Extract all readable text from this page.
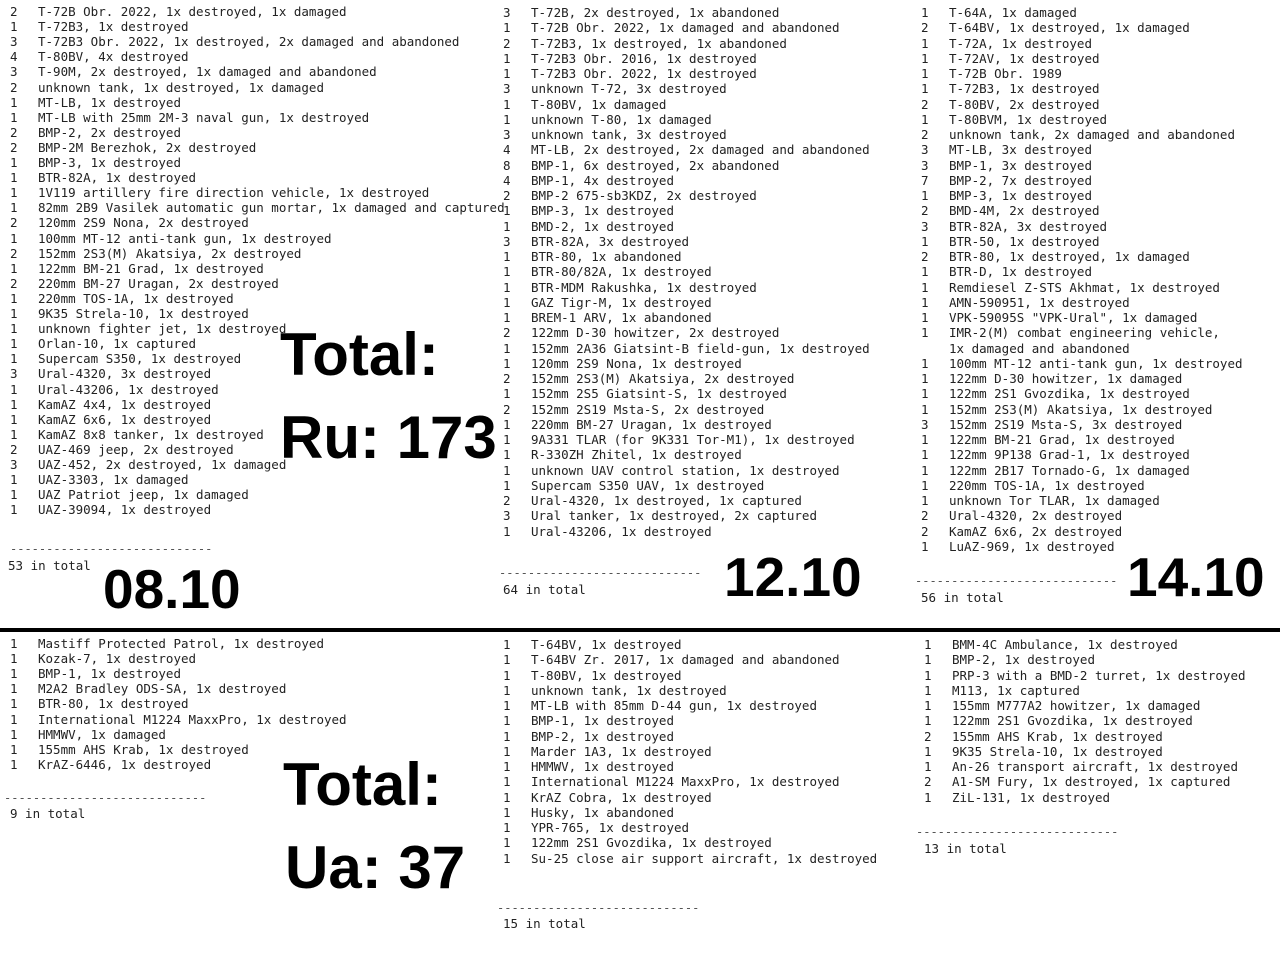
----------------------------
53 in total
2 T-72B Obr. 2022, 1x destroyed, 1x damaged
1 T-72B3, 1x destroyed
3 T-72B3 Obr. 2022, 1x destroyed, 2x damaged and abandoned
4 T-80BV, 4x destroyed
3 T-90M, 2x destroyed, 1x damaged and abandoned
2 unknown tank, 1x destroyed, 1x damaged
1 MT-LB, 1x destroyed
1 MT-LB with 25mm 2M-3 naval gun, 1x destroyed
2 BMP-2, 2x destroyed
2 BMP-2M Berezhok, 2x destroyed
1 BMP-3, 1x destroyed
1 BTR-82A, 1x destroyed
1 1V119 artillery fire direction vehicle, 1x destroyed
1 82mm 2B9 Vasilek automatic gun mortar, 1x damaged and captured
2 120mm 2S9 Nona, 2x destroyed
1 100mm MT-12 anti-tank gun, 1x destroyed
2 152mm 2S3(M) Akatsiya, 2x destroyed
1 122mm BM-21 Grad, 1x destroyed
2 220mm BM-27 Uragan, 2x destroyed
1 220mm TOS-1A, 1x destroyed
1 9K35 Strela-10, 1x destroyed
1 unknown fighter jet, 1x destroyed
1 Orlan-10, 1x captured
1 Supercam S350, 1x destroyed
3 Ural-4320, 3x destroyed
1 Ural-43206, 1x destroyed
1 KamAZ 4x4, 1x destroyed
1 KamAZ 6x6, 1x destroyed
1 KamAZ 8x8 tanker, 1x destroyed
2 UAZ-469 jeep, 2x destroyed
3 UAZ-452, 2x destroyed, 1x damaged
1 UAZ-3303, 1x damaged
1 UAZ Patriot jeep, 1x damaged
1 UAZ-39094, 1x destroyed
08.10	----------------------------
64 in total
3 T-72B, 2x destroyed, 1x abandoned
1 T-72B Obr. 2022, 1x damaged and abandoned
2 T-72B3, 1x destroyed, 1x abandoned
1 T-72B3 Obr. 2016, 1x destroyed
1 T-72B3 Obr. 2022, 1x destroyed
3 unknown T-72, 3x destroyed
1 T-80BV, 1x damaged
1 unknown T-80, 1x damaged
3 unknown tank, 3x destroyed
4 MT-LB, 2x destroyed, 2x damaged and abandoned
8 BMP-1, 6x destroyed, 2x abandoned
4 BMP-1, 4x destroyed
2 BMP-2 675-sb3KDZ, 2x destroyed
1 BMP-3, 1x destroyed
1 BMD-2, 1x destroyed
3 BTR-82A, 3x destroyed
1 BTR-80, 1x abandoned
1 BTR-80/82A, 1x destroyed
1 BTR-MDM Rakushka, 1x destroyed
1 GAZ Tigr-M, 1x destroyed
1 BREM-1 ARV, 1x abandoned
2 122mm D-30 howitzer, 2x destroyed
1 152mm 2A36 Giatsint-B field-gun, 1x destroyed
1 120mm 2S9 Nona, 1x destroyed
2 152mm 2S3(M) Akatsiya, 2x destroyed
1 152mm 2S5 Giatsint-S, 1x destroyed
2 152mm 2S19 Msta-S, 2x destroyed
1 220mm BM-27 Uragan, 1x destroyed
1 9A331 TLAR (for 9K331 Tor-M1), 1x destroyed
1 R-330ZH Zhitel, 1x destroyed
1 unknown UAV control station, 1x destroyed
1 Supercam S350 UAV, 1x destroyed
2 Ural-4320, 1x destroyed, 1x captured
3 Ural tanker, 1x destroyed, 2x captured
1 Ural-43206, 1x destroyed
12.10	----------------------------
56 in total
1 T-64A, 1x damaged
2 T-64BV, 1x destroyed, 1x damaged
1 T-72A, 1x destroyed
1 T-72AV, 1x destroyed
1 T-72B Obr. 1989
1 T-72B3, 1x destroyed
2 T-80BV, 2x destroyed
1 T-80BVM, 1x destroyed
2 unknown tank, 2x damaged and abandoned
3 MT-LB, 3x destroyed
3 BMP-1, 3x destroyed
7 BMP-2, 7x destroyed
1 BMP-3, 1x destroyed
2 BMD-4M, 2x destroyed
3 BTR-82A, 3x destroyed
1 BTR-50, 1x destroyed
2 BTR-80, 1x destroyed, 1x damaged
1 BTR-D, 1x destroyed
1 Remdiesel Z-STS Akhmat, 1x destroyed
1 AMN-590951, 1x destroyed
1 VPK-59095S "VPK-Ural", 1x damaged
1 IMR-2(M) combat engineering vehicle,
1x damaged and abandoned
1 100mm MT-12 anti-tank gun, 1x destroyed
1 122mm D-30 howitzer, 1x damaged
1 122mm 2S1 Gvozdika, 1x destroyed
1 152mm 2S3(M) Akatsiya, 1x destroyed
3 152mm 2S19 Msta-S, 3x destroyed
1 122mm BM-21 Grad, 1x destroyed
1 122mm 9P138 Grad-1, 1x destroyed
1 122mm 2B17 Tornado-G, 1x damaged
1 220mm TOS-1A, 1x destroyed
1 unknown Tor TLAR, 1x damaged
2 Ural-4320, 2x destroyed
2 KamAZ 6x6, 2x destroyed
1 LuAZ-969, 1x destroyed 14.10
Total:
Ru: 173
----------------------------
9 in total
1 Mastiff Protected Patrol, 1x destroyed
1 Kozak-7, 1x destroyed
1 BMP-1, 1x destroyed
1 M2A2 Bradley ODS-SA, 1x destroyed
1 BTR-80, 1x destroyed
1 International M1224 MaxxPro, 1x destroyed
1 HMMWV, 1x damaged
1 155mm AHS Krab, 1x destroyed
1 KrAZ-6446, 1x destroyed
----------------------------
15 in total
1 T-64BV, 1x destroyed
1 T-64BV Zr. 2017, 1x damaged and abandoned
1 T-80BV, 1x destroyed
1 unknown tank, 1x destroyed
1 MT-LB with 85mm D-44 gun, 1x destroyed
1 BMP-1, 1x destroyed
1 BMP-2, 1x destroyed
1 Marder 1A3, 1x destroyed
1 HMMWV, 1x destroyed
1 International M1224 MaxxPro, 1x destroyed
1 KrAZ Cobra, 1x destroyed
1 Husky, 1x abandoned
1 YPR-765, 1x destroyed
1 122mm 2S1 Gvozdika, 1x destroyed
1 Su-25 close air support aircraft, 1x destroyed
----------------------------
13 in total
1 BMM-4C Ambulance, 1x destroyed
1 BMP-2, 1x destroyed
1 PRP-3 with a BMD-2 turret, 1x destroyed
1 M113, 1x captured
1 155mm M777A2 howitzer, 1x damaged
1 122mm 2S1 Gvozdika, 1x destroyed
2 155mm AHS Krab, 1x destroyed
1 9K35 Strela-10, 1x destroyed
1 An-26 transport aircraft, 1x destroyed
2 A1-SM Fury, 1x destroyed, 1x captured
1 ZiL-131, 1x destroyed
Total:
Ua: 37
